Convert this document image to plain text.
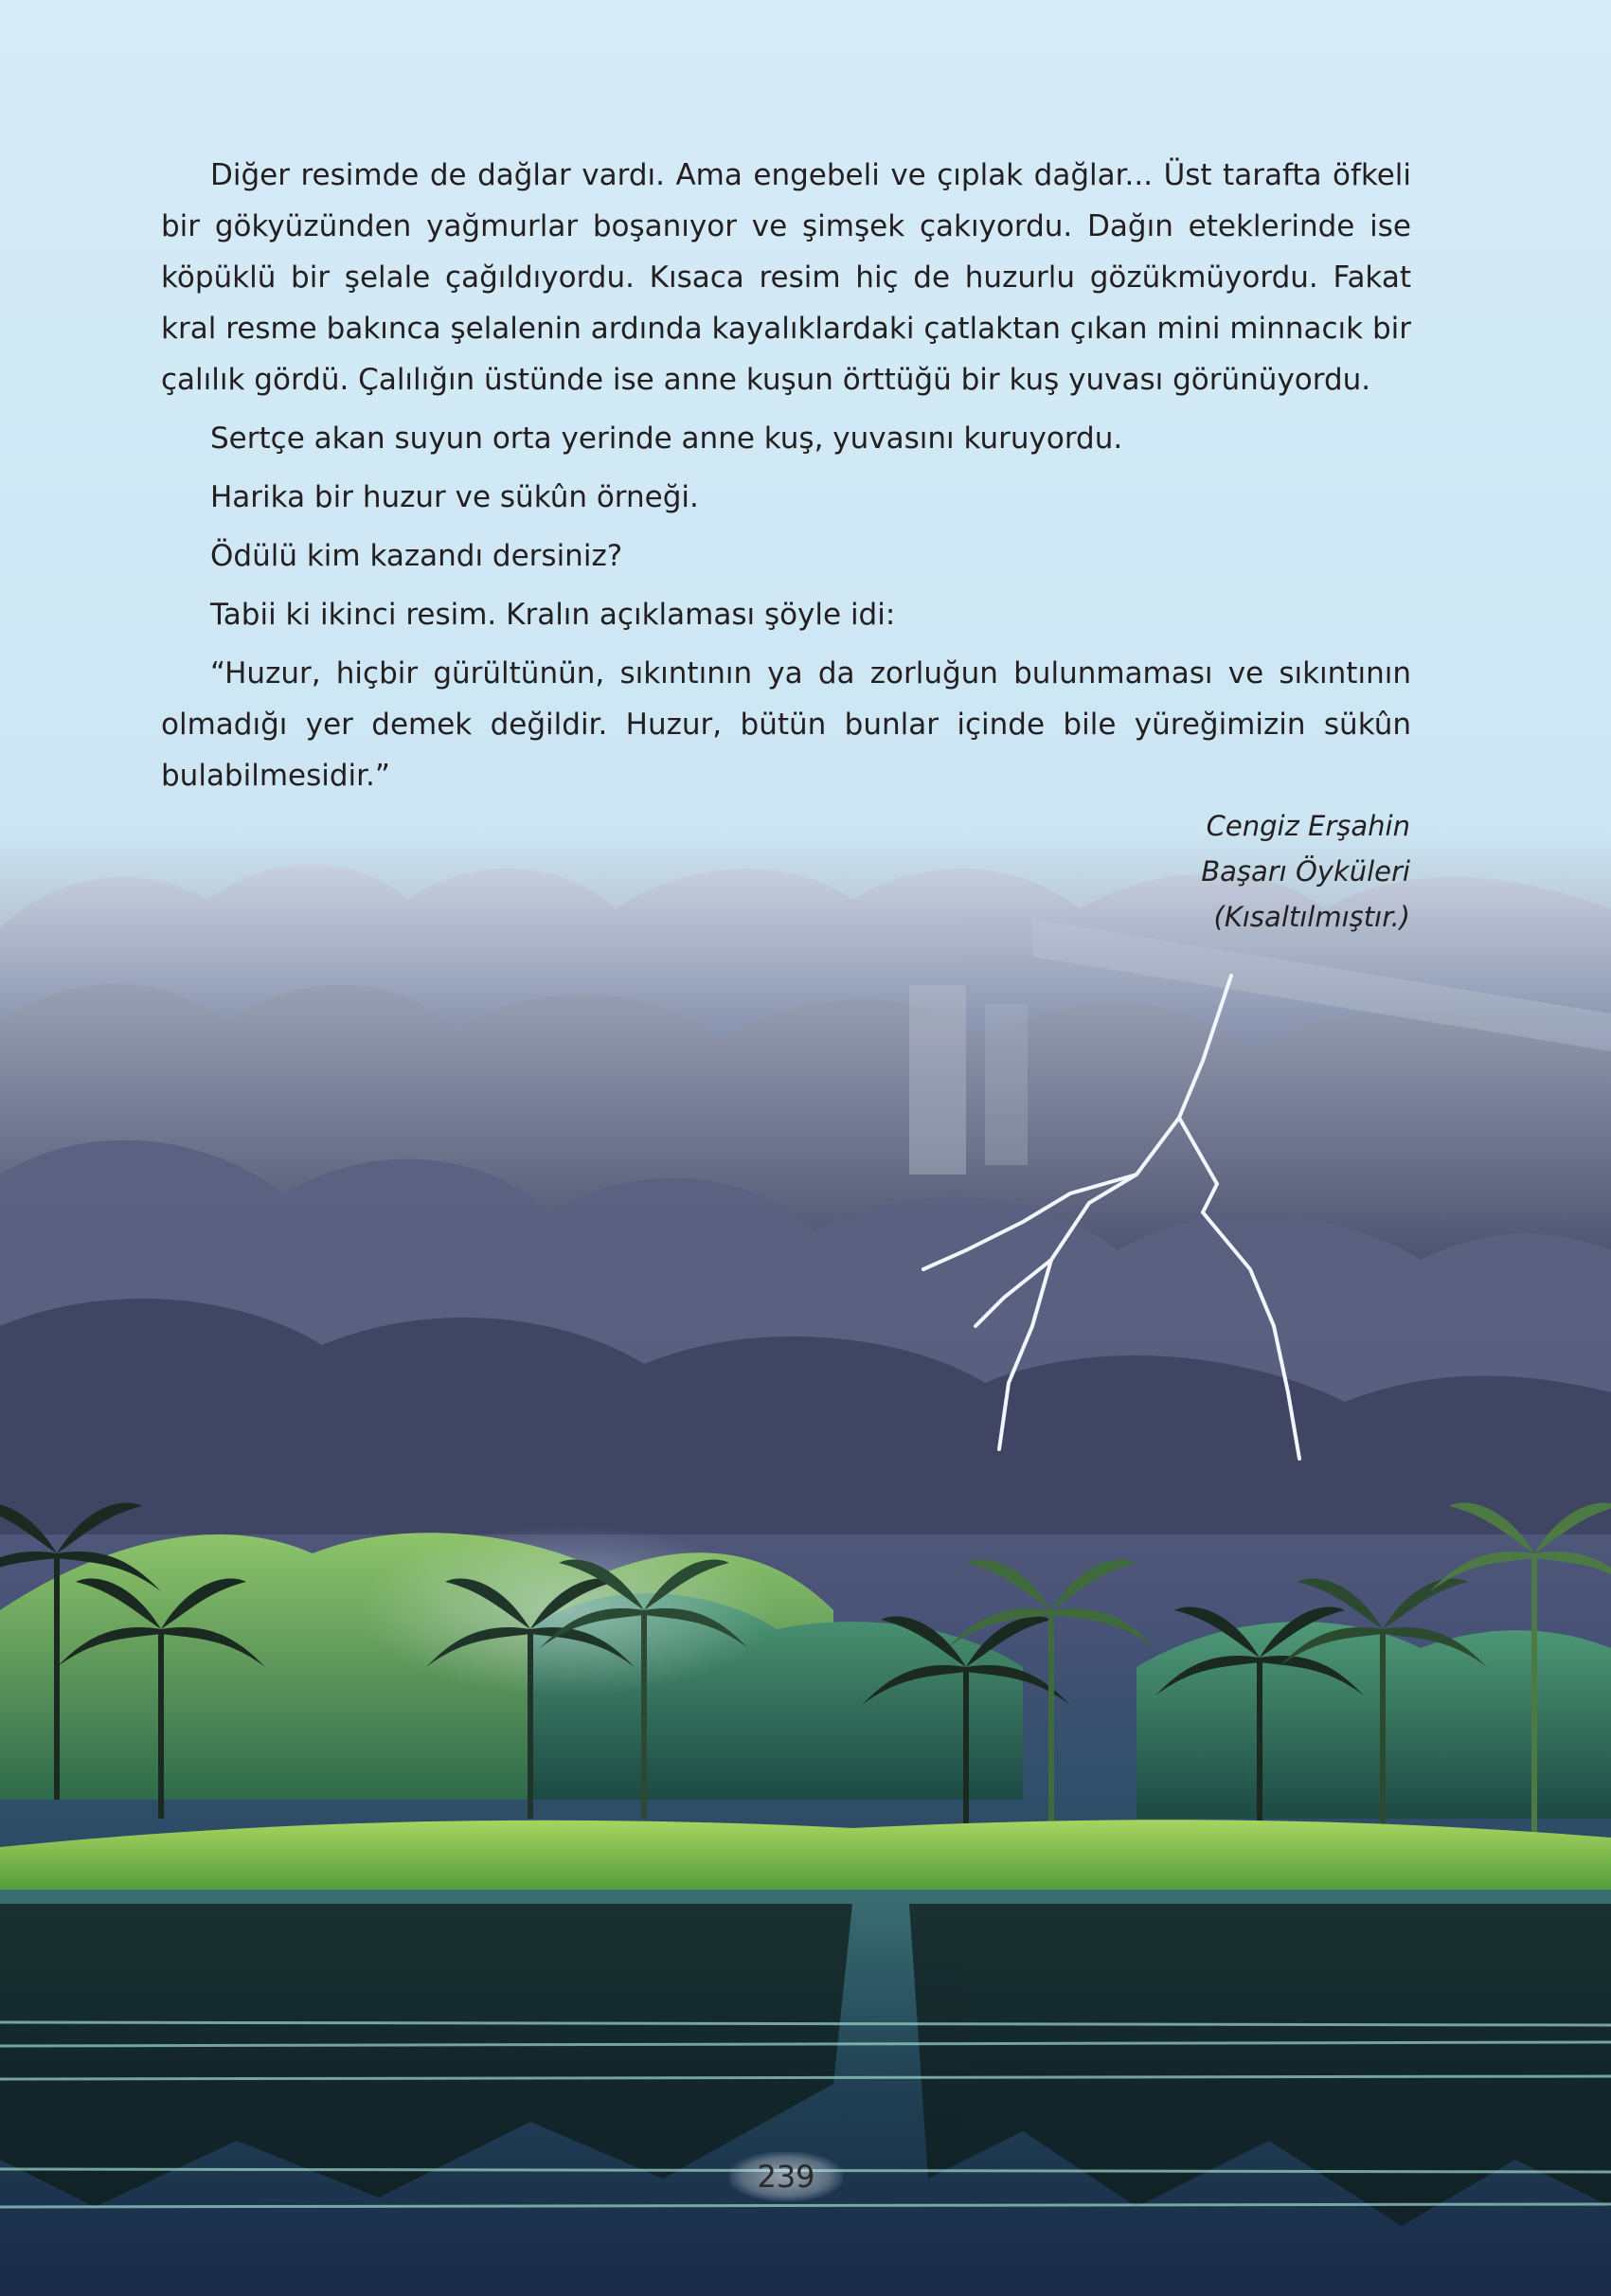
Diğer resimde de dağlar vardı. Ama engebeli ve çıplak dağlar... Üst tarafta öfkeli bir gökyüzünden yağmurlar boşanıyor ve şimşek çakıyordu. Dağın eteklerinde ise köpüklü bir şelale çağıldıyordu. Kısaca resim hiç de huzurlu gözükmüyordu. Fakat kral resme bakınca şelalenin ardında kayalıklardaki çatlaktan çıkan mini minnacık bir çalılık gördü. Çalılığın üstünde ise anne kuşun örttüğü bir kuş yuvası görünüyordu.

Sertçe akan suyun orta yerinde anne kuş, yuvasını kuruyordu.

Harika bir huzur ve sükûn örneği.

Ödülü kim kazandı dersiniz?

Tabii ki ikinci resim. Kralın açıklaması şöyle idi:

“Huzur, hiçbir gürültünün, sıkıntının ya da zorluğun bulunmaması ve sıkıntının olmadığı yer demek değildir. Huzur, bütün bunlar içinde bile yüreğimizin sükûn bulabilmesidir.”

Cengiz Erşahin
Başarı Öyküleri
(Kısaltılmıştır.)
239
